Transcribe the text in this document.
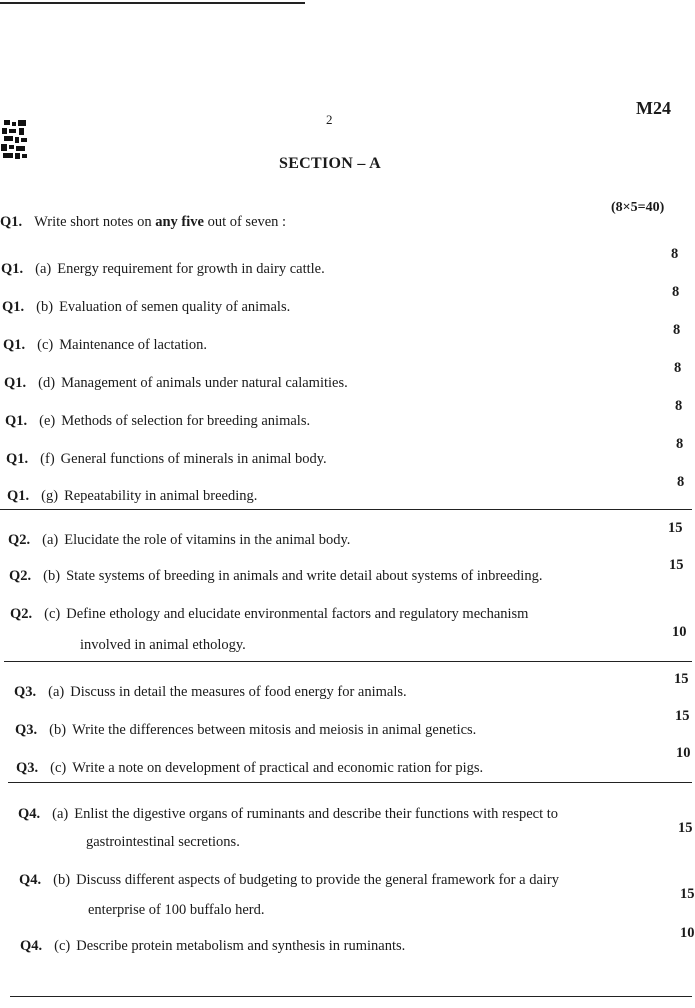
2
M24
SECTION – A
(8×5=40)
Q1. Write short notes on any five out of seven :
Q1. (a) Energy requirement for growth in dairy cattle.
8
Q1. (b) Evaluation of semen quality of animals.
8
Q1. (c) Maintenance of lactation.
8
Q1. (d) Management of animals under natural calamities.
8
Q1. (e) Methods of selection for breeding animals.
8
Q1. (f) General functions of minerals in animal body.
8
Q1. (g) Repeatability in animal breeding.
8
Q2. (a) Elucidate the role of vitamins in the animal body.
15
Q2. (b) State systems of breeding in animals and write detail about systems of inbreeding.
15
Q2. (c) Define ethology and elucidate environmental factors and regulatory mechanism
involved in animal ethology.
10
Q3. (a) Discuss in detail the measures of food energy for animals.
15
Q3. (b) Write the differences between mitosis and meiosis in animal genetics.
15
Q3. (c) Write a note on development of practical and economic ration for pigs.
10
Q4. (a) Enlist the digestive organs of ruminants and describe their functions with respect to
gastrointestinal secretions.
15
Q4. (b) Discuss different aspects of budgeting to provide the general framework for a dairy
enterprise of 100 buffalo herd.
15
Q4. (c) Describe protein metabolism and synthesis in ruminants.
10
